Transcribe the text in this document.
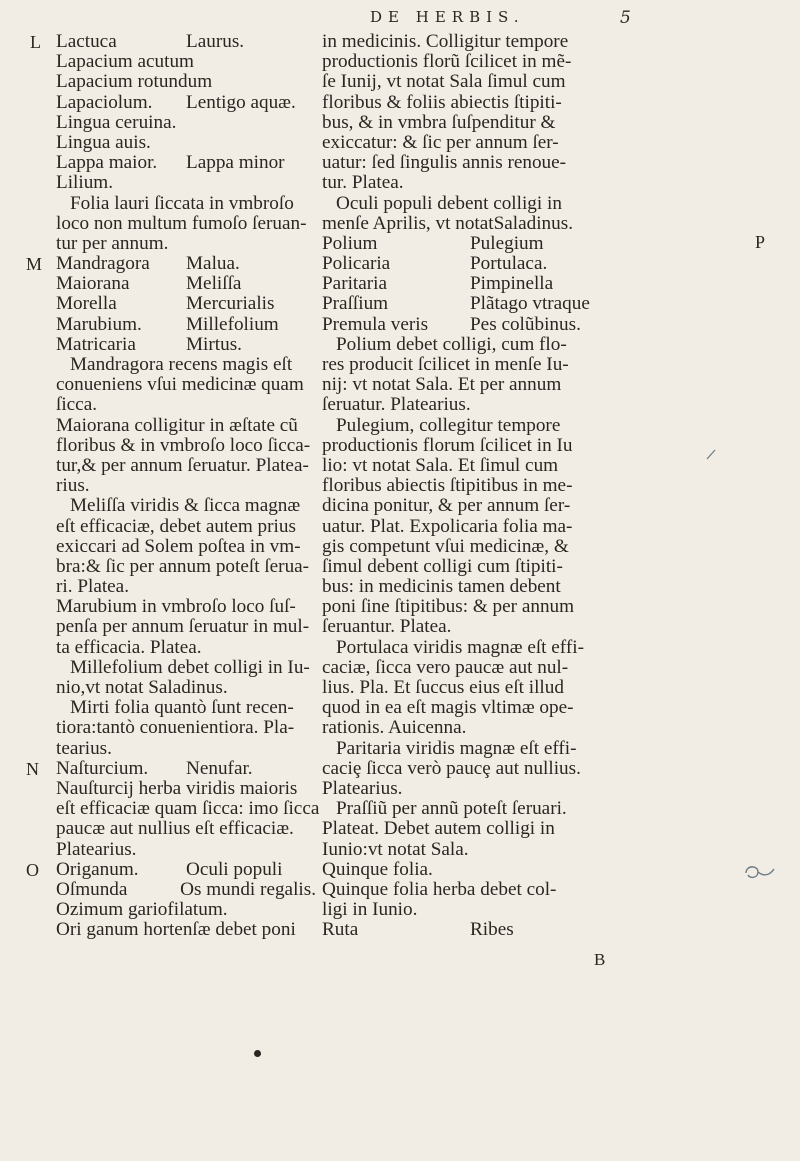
DE HERBIS.	5
L
M
N
O
P
Lactuca	Laurus.
Lapacium acutum
Lapacium rotundum
Lapaciolum.	Lentigo aquæ.
Lingua ceruina.
Lingua auis.
Lappa maior.	Lappa minor
Lilium.
Folia lauri ſiccata in vmbroſo
loco non multum fumoſo ſeruan-
tur per annum.
Mandragora	Malua.
Maiorana	Meliſſa
Morella	Mercurialis
Marubium.	Millefolium
Matricaria	Mirtus.
Mandragora recens magis eſt
conueniens vſui medicinæ quam
ſicca.
Maiorana colligitur in æſtate cũ
floribus & in vmbroſo loco ſicca-
tur,& per annum ſeruatur. Platea-
rius.
Meliſſa viridis & ſicca magnæ
eſt efficaciæ, debet autem prius
exiccari ad Solem poſtea in vm-
bra:& ſic per annum poteſt ſerua-
ri. Platea.
Marubium in vmbroſo loco ſuſ-
penſa per annum ſeruatur in mul-
ta efficacia. Platea.
Millefolium debet colligi in Iu-
nio,vt notat Saladinus.
Mirti folia quantò ſunt recen-
tiora:tantò conuenientiora. Pla-
tearius.
Naſturcium.	Nenufar.
Nauſturcij herba viridis maioris
eſt efficaciæ quam ſicca: imo ſicca
paucæ aut nullius eſt efficaciæ.
Platearius.
Origanum.	Oculi populi
Oſmunda	Os mundi regalis.
Ozimum gariofilatum.
Ori ganum hortenſæ debet poni
in medicinis. Colligitur tempore
productionis florũ ſcilicet in mẽ-
ſe Iunij, vt notat Sala ſimul cum
floribus & foliis abiectis ſtipiti-
bus, & in vmbra ſuſpenditur &
exiccatur: & ſic per annum ſer-
uatur: ſed ſingulis annis renoue-
tur. Platea.
Oculi populi debent colligi in
menſe Aprilis, vt notatSaladinus.
Polium	Pulegium
Policaria	Portulaca.
Paritaria	Pimpinella
Praſſium	Plãtago vtraque
Premula veris	Pes colũbinus.
Polium debet colligi, cum flo-
res producit ſcilicet in menſe Iu-
nij: vt notat Sala. Et per annum
ſeruatur. Platearius.
Pulegium, collegitur tempore
productionis florum ſcilicet in Iu
lio: vt notat Sala. Et ſimul cum
floribus abiectis ſtipitibus in me-
dicina ponitur, & per annum ſer-
uatur. Plat. Expolicaria folia ma-
gis competunt vſui medicinæ, &
ſimul debent colligi cum ſtipiti-
bus: in medicinis tamen debent
poni ſine ſtipitibus: & per annum
ſeruantur. Platea.
Portulaca viridis magnæ eſt effi-
caciæ, ſicca vero paucæ aut nul-
lius. Pla. Et ſuccus eius eſt illud
quod in ea eſt magis vltimæ ope-
rationis. Auicenna.
Paritaria viridis magnæ eſt effi-
caciȩ ſicca verò paucȩ aut nullius.
Platearius.
Praſſiũ per annũ poteſt ſeruari.
Plateat. Debet autem colligi in
Iunio:vt notat Sala.
Quinque folia.
Quinque folia herba debet col-
ligi in Iunio.
Ruta	Ribes
B
